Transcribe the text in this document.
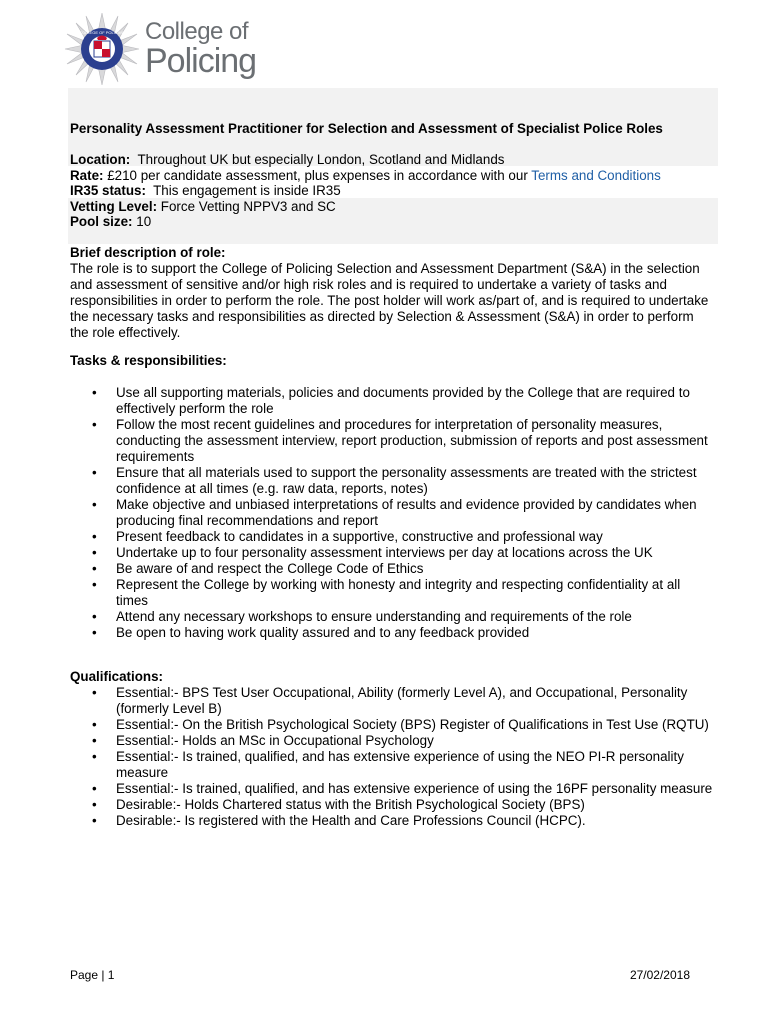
COLLEGE OF POLICING College of
Policing
Personality Assessment Practitioner for Selection and Assessment of Specialist Police Roles
Location: Throughout UK but especially London, Scotland and Midlands
Rate: £210 per candidate assessment, plus expenses in accordance with our Terms and Conditions
IR35 status: This engagement is inside IR35
Vetting Level: Force Vetting NPPV3 and SC
Pool size: 10
Brief description of role:

The role is to support the College of Policing Selection and Assessment Department (S&A) in the selection and assessment of sensitive and/or high risk roles and is required to undertake a variety of tasks and responsibilities in order to perform the role. The post holder will work as/part of, and is required to undertake the necessary tasks and responsibilities as directed by Selection & Assessment (S&A) in order to perform the role effectively.

Tasks & responsibilities:
• Use all supporting materials, policies and documents provided by the College that are required to effectively perform the role
• Follow the most recent guidelines and procedures for interpretation of personality measures, conducting the assessment interview, report production, submission of reports and post assessment requirements
• Ensure that all materials used to support the personality assessments are treated with the strictest confidence at all times (e.g. raw data, reports, notes)
• Make objective and unbiased interpretations of results and evidence provided by candidates when producing final recommendations and report
• Present feedback to candidates in a supportive, constructive and professional way
• Undertake up to four personality assessment interviews per day at locations across the UK
• Be aware of and respect the College Code of Ethics
• Represent the College by working with honesty and integrity and respecting confidentiality at all times
• Attend any necessary workshops to ensure understanding and requirements of the role
• Be open to having work quality assured and to any feedback provided
Qualifications:
• Essential:- BPS Test User Occupational, Ability (formerly Level A), and Occupational, Personality (formerly Level B)
• Essential:- On the British Psychological Society (BPS) Register of Qualifications in Test Use (RQTU)
• Essential:- Holds an MSc in Occupational Psychology
• Essential:- Is trained, qualified, and has extensive experience of using the NEO PI-R personality measure
• Essential:- Is trained, qualified, and has extensive experience of using the 16PF personality measure
• Desirable:- Holds Chartered status with the British Psychological Society (BPS)
• Desirable:- Is registered with the Health and Care Professions Council (HCPC).
Page | 1	27/02/2018
